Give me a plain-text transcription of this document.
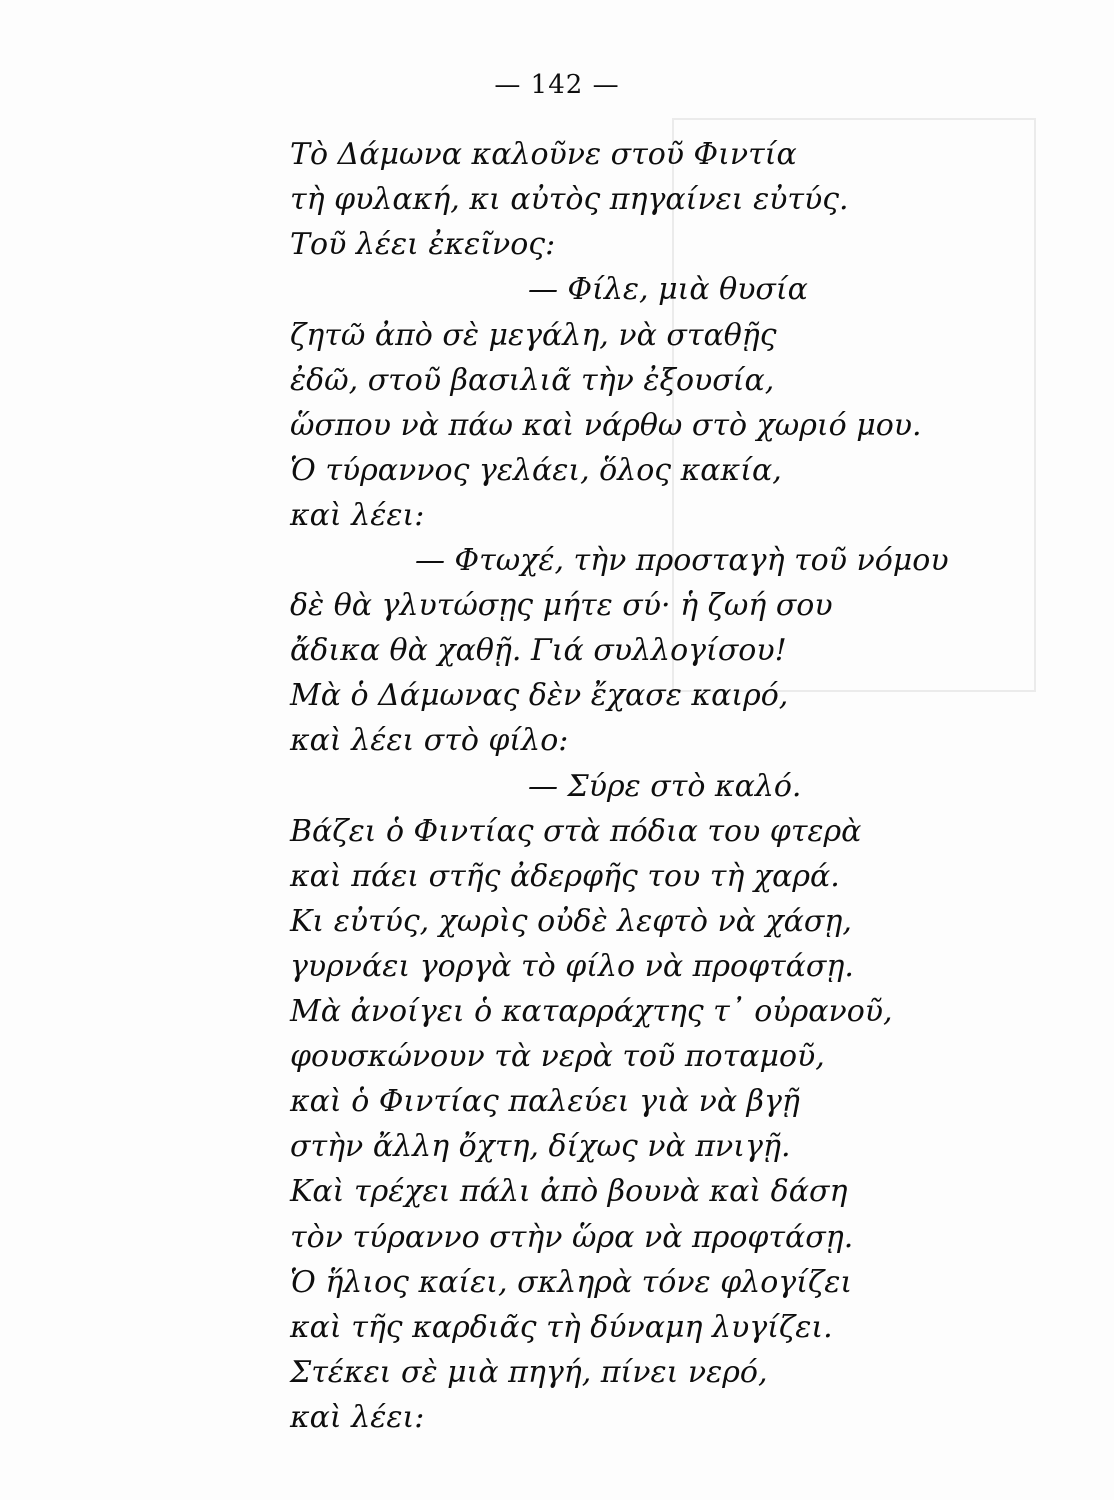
— 142 —
Τὸ Δάμωνα καλοῦνε στοῦ Φιντία
τὴ φυλακή, κι αὐτὸς πηγαίνει εὐτύς.
Τοῦ λέει ἐκεῖνος:
— Φίλε, μιὰ θυσία
ζητῶ ἀπὸ σὲ μεγάλη, νὰ σταθῇς
ἐδῶ, στοῦ βασιλιᾶ τὴν ἐξουσία,
ὥσπου νὰ πάω καὶ νάρθω στὸ χωριό μου.
Ὁ τύραννος γελάει, ὅλος κακία,
καὶ λέει:
— Φτωχέ, τὴν προσταγὴ τοῦ νόμου
δὲ θὰ γλυτώσῃς μήτε σύ· ἡ ζωή σου
ἄδικα θὰ χαθῇ. Γιά συλλογίσου!
Μὰ ὁ Δάμωνας δὲν ἔχασε καιρό,
καὶ λέει στὸ φίλο:
— Σύρε στὸ καλό.
Βάζει ὁ Φιντίας στὰ πόδια του φτερὰ
καὶ πάει στῆς ἀδερφῆς του τὴ χαρά.
Κι εὐτύς, χωρὶς οὐδὲ λεφτὸ νὰ χάσῃ,
γυρνάει γοργὰ τὸ φίλο νὰ προφτάσῃ.
Μὰ ἀνοίγει ὁ καταρράχτης τ᾽ οὐρανοῦ,
φουσκώνουν τὰ νερὰ τοῦ ποταμοῦ,
καὶ ὁ Φιντίας παλεύει γιὰ νὰ βγῇ
στὴν ἄλλη ὄχτη, δίχως νὰ πνιγῇ.
Καὶ τρέχει πάλι ἀπὸ βουνὰ καὶ δάση
τὸν τύραννο στὴν ὥρα νὰ προφτάσῃ.
Ὁ ἥλιος καίει, σκληρὰ τόνε φλογίζει
καὶ τῆς καρδιᾶς τὴ δύναμη λυγίζει.
Στέκει σὲ μιὰ πηγή, πίνει νερό,
καὶ λέει:
